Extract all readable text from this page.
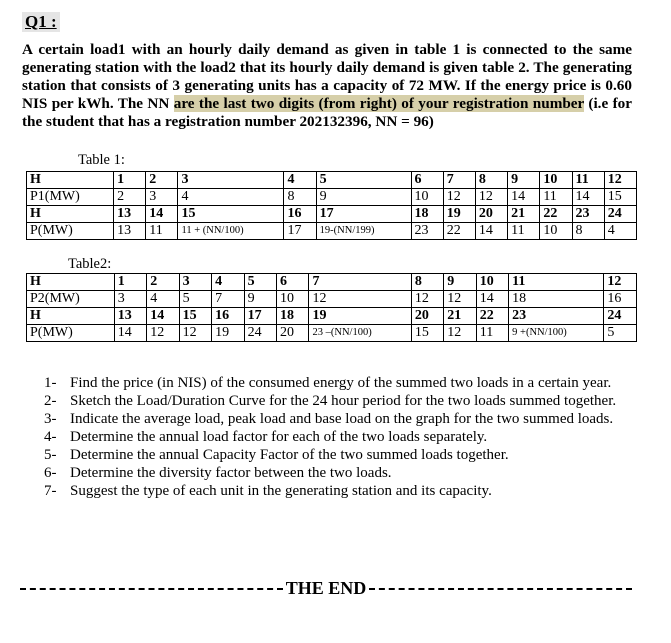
Q1 :
A certain load1 with an hourly daily demand as given in table 1 is connected to the same generating station with the load2 that its hourly daily demand is given table 2. The generating station that consists of 3 generating units has a capacity of 72 MW. If the energy price is 0.60 NIS per kWh. The NN are the last two digits (from right) of your registration number (i.e for the student that has a registration number 202132396, NN = 96)
Table 1:
H	1	2	3	4	5	6	7	8	9	10	11	12
P1(MW)	2	3	4	8	9	10	12	12	14	11	14	15
H	13	14	15	16	17	18	19	20	21	22	23	24
P(MW)	13	11	11 + (NN/100)	17	19-(NN/199)	23	22	14	11	10	8	4
Table2:
H	1	2	3	4	5	6	7	8	9	10	11	12
P2(MW)	3	4	5	7	9	10	12	12	12	14	18	16
H	13	14	15	16	17	18	19	20	21	22	23	24
P(MW)	14	12	12	19	24	20	23 –(NN/100)	15	12	11	9 +(NN/100)	5
1- Find the price (in NIS) of the consumed energy of the summed two loads in a certain year.
2- Sketch the Load/Duration Curve for the 24 hour period for the two loads summed together.
3- Indicate the average load, peak load and base load on the graph for the two summed loads.
4- Determine the annual load factor for each of the two loads separately.
5- Determine the annual Capacity Factor of the two summed loads together.
6- Determine the diversity factor between the two loads.
7- Suggest the type of each unit in the generating station and its capacity.
THE END
